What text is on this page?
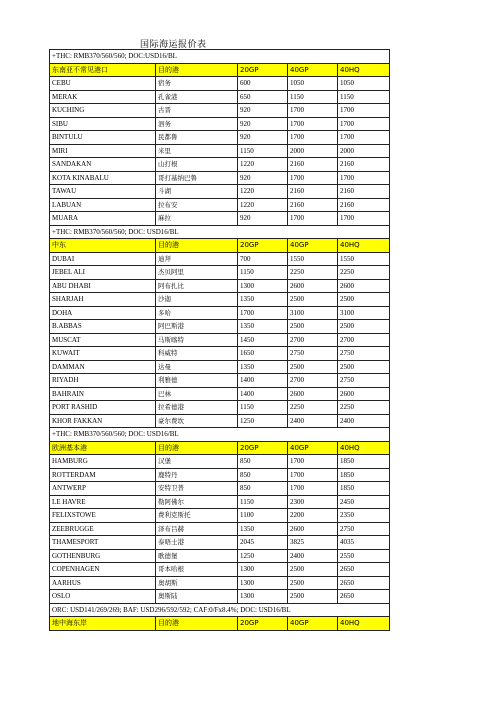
国际海运报价表
+THC: RMB370/560/560; DOC:USD16/BL				
东南亚不常见港口	目的港	20GP	40GP	40HQ
CEBU	宿务	600	1050	1050
MERAK	孔雀港	650	1150	1150
KUCHING	古晋	920	1700	1700
SIBU	泗务	920	1700	1700
BINTULU	民都鲁	920	1700	1700
MIRI	米里	1150	2000	2000
SANDAKAN	山打根	1220	2160	2160
KOTA KINABALU	哥打基纳巴鲁	920	1700	1700
TAWAU	斗湖	1220	2160	2160
LABUAN	拉布安	1220	2160	2160
MUARA	麻拉	920	1700	1700
+THC: RMB370/560/560; DOC: USD16/BL				
中东	目的港	20GP	40GP	40HQ
DUBAI	迪拜	700	1550	1550
JEBEL ALI	杰贝阿里	1150	2250	2250
ABU DHABI	阿布扎比	1300	2600	2600
SHARJAH	沙迦	1350	2500	2500
DOHA	多哈	1700	3100	3100
B.ABBAS	阿巴斯港	1350	2500	2500
MUSCAT	马斯喀特	1450	2700	2700
KUWAIT	科威特	1650	2750	2750
DAMMAN	达曼	1350	2500	2500
RIYADH	利雅德	1400	2700	2750
BAHRAIN	巴林	1400	2600	2600
PORT RASHID	拉希德港	1150	2250	2250
KHOR FAKKAN	豪尔费坎	1250	2400	2400
+THC: RMB370/560/560; DOC: USD16/BL				
欧洲基本港	目的港	20GP	40GP	40HQ
HAMBURG	汉堡	850	1700	1850
ROTTERDAM	鹿特丹	850	1700	1850
ANTWERP	安特卫普	850	1700	1850
LE HAVRE	勒阿佛尔	1150	2300	2450
FELIXSTOWE	费利克斯托	1100	2200	2350
ZEEBRUGGE	泽布吕赫	1350	2600	2750
THAMESPORT	泰晤士港	2045	3825	4035
GOTHENBURG	歌德堡	1250	2400	2550
COPENHAGEN	哥本哈根	1300	2500	2650
AARHUS	奥胡斯	1300	2500	2650
OSLO	奥斯陆	1300	2500	2650
ORC: USD141/269/269; BAF: USD296/592/592; CAF:0/Fx8.4%; DOC: USD16/BL				
地中海东岸	目的港	20GP	40GP	40HQ
